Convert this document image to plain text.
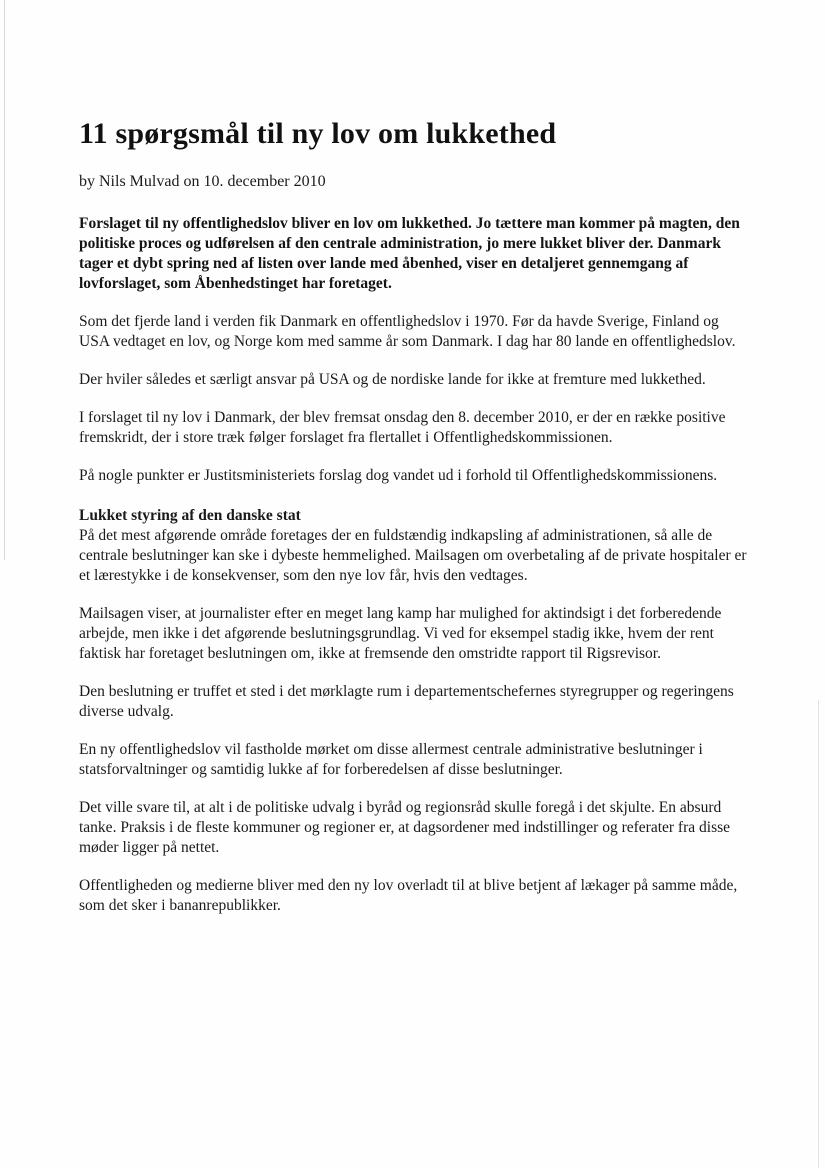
11 spørgsmål til ny lov om lukkethed

by Nils Mulvad on 10. december 2010

Forslaget til ny offentlighedslov bliver en lov om lukkethed. Jo tættere man kommer på magten, den politiske proces og udførelsen af den centrale administration, jo mere lukket bliver der. Danmark tager et dybt spring ned af listen over lande med åbenhed, viser en detaljeret gennemgang af lovforslaget, som Åbenhedstinget har foretaget.

Som det fjerde land i verden fik Danmark en offentlighedslov i 1970. Før da havde Sverige, Finland og USA vedtaget en lov, og Norge kom med samme år som Danmark. I dag har 80 lande en offentlighedslov.

Der hviler således et særligt ansvar på USA og de nordiske lande for ikke at fremture med lukkethed.

I forslaget til ny lov i Danmark, der blev fremsat onsdag den 8. december 2010, er der en række positive fremskridt, der i store træk følger forslaget fra flertallet i Offentlighedskommissionen.

På nogle punkter er Justitsministeriets forslag dog vandet ud i forhold til Offentlighedskommissionens.

Lukket styring af den danske stat

På det mest afgørende område foretages der en fuldstændig indkapsling af administrationen, så alle de centrale beslutninger kan ske i dybeste hemmelighed. Mailsagen om overbetaling af de private hospitaler er et lærestykke i de konsekvenser, som den nye lov får, hvis den vedtages.

Mailsagen viser, at journalister efter en meget lang kamp har mulighed for aktindsigt i det forberedende arbejde, men ikke i det afgørende beslutningsgrundlag. Vi ved for eksempel stadig ikke, hvem der rent faktisk har foretaget beslutningen om, ikke at fremsende den omstridte rapport til Rigsrevisor.

Den beslutning er truffet et sted i det mørklagte rum i departementschefernes styregrupper og regeringens diverse udvalg.

En ny offentlighedslov vil fastholde mørket om disse allermest centrale administrative beslutninger i statsforvaltninger og samtidig lukke af for forberedelsen af disse beslutninger.

Det ville svare til, at alt i de politiske udvalg i byråd og regionsråd skulle foregå i det skjulte. En absurd tanke. Praksis i de fleste kommuner og regioner er, at dagsordener med indstillinger og referater fra disse møder ligger på nettet.

Offentligheden og medierne bliver med den ny lov overladt til at blive betjent af lækager på samme måde, som det sker i bananrepublikker.
